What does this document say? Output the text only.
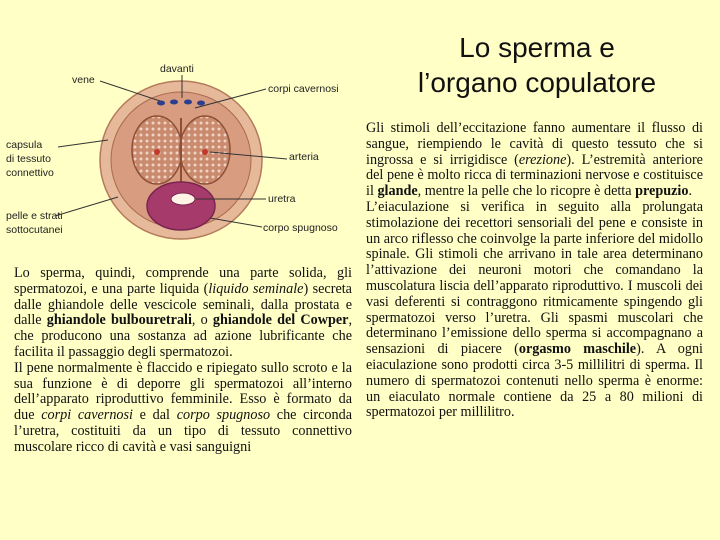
Lo sperma e
l’organo copulatore
davanti
vene
corpi cavernosi
capsula
di tessuto
connettivo
arteria
uretra
pelle e strati
sottocutanei	corpo spugnoso

Lo sperma, quindi, comprende una parte solida, gli spermatozoi, e una parte liquida (liquido seminale) secreta dalle ghiandole delle vescicole seminali, dalla prostata e dalle ghiandole bulbouretrali, o ghiandole del Cowper, che producono una sostanza ad azione lubrificante che facilita il passaggio degli spermatozoi.

Il pene normalmente è flaccido e ripiegato sullo scroto e la sua funzione è di deporre gli spermatozoi all’interno dell’apparato riproduttivo femminile. Esso è formato da due corpi cavernosi e dal corpo spugnoso che circonda l’uretra, costituiti da un tipo di tessuto connettivo muscolare ricco di cavità e vasi sanguigni

Gli stimoli dell’eccitazione fanno aumentare il flusso di sangue, riempiendo le cavità di questo tessuto che si ingrossa e si irrigidisce (erezione). L’estremità anteriore del pene è molto ricca di terminazioni nervose e costituisce il glande, mentre la pelle che lo ricopre è detta prepuzio.

L’eiaculazione si verifica in seguito alla prolungata stimolazione dei recettori sensoriali del pene e consiste in un arco riflesso che coinvolge la parte inferiore del midollo spinale. Gli stimoli che arrivano in tale area determinano l’attivazione dei neuroni motori che comandano la muscolatura liscia dell’apparato riproduttivo. I muscoli dei vasi deferenti si contraggono ritmicamente spingendo gli spermatozoi verso l’uretra. Gli spasmi muscolari che determinano l’emissione dello sperma si accompagnano a sensazioni di piacere (orgasmo maschile). A ogni eiaculazione sono prodotti circa 3-5 millilitri di sperma. Il numero di spermatozoi contenuti nello sperma è enorme: un eiaculato normale contiene da 25 a 80 milioni di spermatozoi per millilitro.
